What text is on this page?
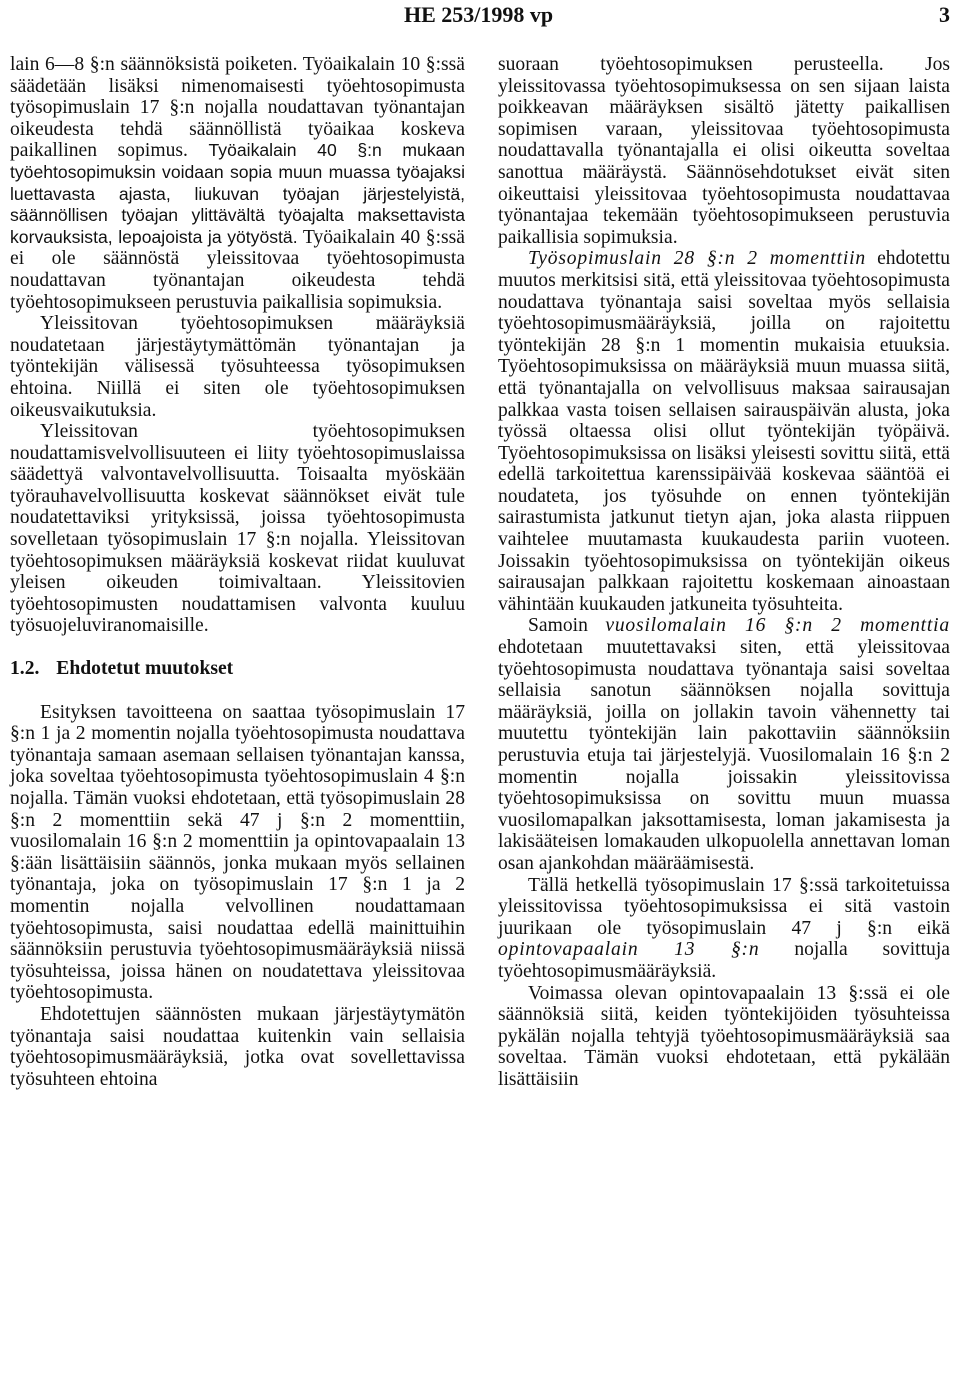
HE 253/1998 vp	3

lain 6—8 §:n säännöksistä poiketen. Työaikalain 10 §:ssä säädetään lisäksi nimenomaisesti työehtosopimusta työsopimuslain 17 §:n nojalla noudattavan työnantajan oikeudesta tehdä säännöllistä työaikaa koskeva paikallinen sopimus. Työaikalain 40 §:n mukaan työehtosopimuksin voidaan sopia muun muassa työajaksi luettavasta ajasta, liukuvan työajan järjestelyistä, säännöllisen työajan ylittävältä työajalta maksettavista korvauksista, lepoajoista ja yötyöstä. Työaikalain 40 §:ssä ei ole säännöstä yleissitovaa työehtosopimusta noudattavan työnantajan oikeudesta tehdä työehtosopimukseen perustuvia paikallisia sopimuksia.

Yleissitovan työehtosopimuksen määräyksiä noudatetaan järjestäytymättömän työnantajan ja työntekijän välisessä työsuhteessa työsopimuksen ehtoina. Niillä ei siten ole työehtosopimuksen oikeusvaikutuksia.

Yleissitovan työehtosopimuksen noudattamisvelvollisuuteen ei liity työehtosopimuslaissa säädettyä valvontavelvollisuutta. Toisaalta myöskään työrauhavelvollisuutta koskevat säännökset eivät tule noudatettaviksi yrityksissä, joissa työehtosopimusta sovelletaan työsopimuslain 17 §:n nojalla. Yleissitovan työehtosopimuksen määräyksiä koskevat riidat kuuluvat yleisen oikeuden toimivaltaan. Yleissitovien työehtosopimusten noudattamisen valvonta kuuluu työsuojeluviranomaisille.

1.2. Ehdotetut muutokset

Esityksen tavoitteena on saattaa työsopimuslain 17 §:n 1 ja 2 momentin nojalla työehtosopimusta noudattava työnantaja samaan asemaan sellaisen työnantajan kanssa, joka soveltaa työehtosopimusta työehtosopimuslain 4 §:n nojalla. Tämän vuoksi ehdotetaan, että työsopimuslain 28 §:n 2 momenttiin sekä 47 j §:n 2 momenttiin, vuosilomalain 16 §:n 2 momenttiin ja opintovapaalain 13 §:ään lisättäisiin säännös, jonka mukaan myös sellainen työnantaja, joka on työsopimuslain 17 §:n 1 ja 2 momentin nojalla velvollinen noudattamaan työehtosopimusta, saisi noudattaa edellä mainittuihin säännöksiin perustuvia työehtosopimusmääräyksiä niissä työsuhteissa, joissa hänen on noudatettava yleissitovaa työehtosopimusta.

Ehdotettujen säännösten mukaan järjestäytymätön työnantaja saisi noudattaa kuitenkin vain sellaisia työehtosopimusmääräyksiä, jotka ovat sovellettavissa työsuhteen ehtoina

suoraan työehtosopimuksen perusteella. Jos yleissitovassa työehtosopimuksessa on sen sijaan laista poikkeavan määräyksen sisältö jätetty paikallisen sopimisen varaan, yleissitovaa työehtosopimusta noudattavalla työnantajalla ei olisi oikeutta soveltaa sanottua määräystä. Säännösehdotukset eivät siten oikeuttaisi yleissitovaa työehtosopimusta noudattavaa työnantajaa tekemään työehtosopimukseen perustuvia paikallisia sopimuksia.

Työsopimuslain 28 §:n 2 momenttiin ehdotettu muutos merkitsisi sitä, että yleissitovaa työehtosopimusta noudattava työnantaja saisi soveltaa myös sellaisia työehtosopimusmääräyksiä, joilla on rajoitettu työntekijän 28 §:n 1 momentin mukaisia etuuksia. Työehtosopimuksissa on määräyksiä muun muassa siitä, että työnantajalla on velvollisuus maksaa sairausajan palkkaa vasta toisen sellaisen sairauspäivän alusta, joka työssä oltaessa olisi ollut työntekijän työpäivä. Työehtosopimuksissa on lisäksi yleisesti sovittu siitä, että edellä tarkoitettua karenssipäivää koskevaa sääntöä ei noudateta, jos työsuhde on ennen työntekijän sairastumista jatkunut tietyn ajan, joka alasta riippuen vaihtelee muutamasta kuukaudesta pariin vuoteen. Joissakin työehtosopimuksissa on työntekijän oikeus sairausajan palkkaan rajoitettu koskemaan ainoastaan vähintään kuukauden jatkuneita työsuhteita.

Samoin vuosilomalain 16 §:n 2 momenttia ehdotetaan muutettavaksi siten, että yleissitovaa työehtosopimusta noudattava työnantaja saisi soveltaa sellaisia sanotun säännöksen nojalla sovittuja määräyksiä, joilla on jollakin tavoin vähennetty tai muutettu työntekijän lain pakottaviin säännöksiin perustuvia etuja tai järjestelyjä. Vuosilomalain 16 §:n 2 momentin nojalla joissakin yleissitovissa työehtosopimuksissa on sovittu muun muassa vuosilomapalkan jaksottamisesta, loman jakamisesta ja lakisääteisen lomakauden ulkopuolella annettavan loman osan ajankohdan määräämisestä.

Tällä hetkellä työsopimuslain 17 §:ssä tarkoitetuissa yleissitovissa työehtosopimuksissa ei sitä vastoin juurikaan ole työsopimuslain 47 j §:n eikä opintovapaalain 13 §:n nojalla sovittuja työehtosopimusmääräyksiä.

Voimassa olevan opintovapaalain 13 §:ssä ei ole säännöksiä siitä, keiden työntekijöiden työsuhteissa pykälän nojalla tehtyjä työehtosopimusmääräyksiä saa soveltaa. Tämän vuoksi ehdotetaan, että pykälään lisättäisiin
